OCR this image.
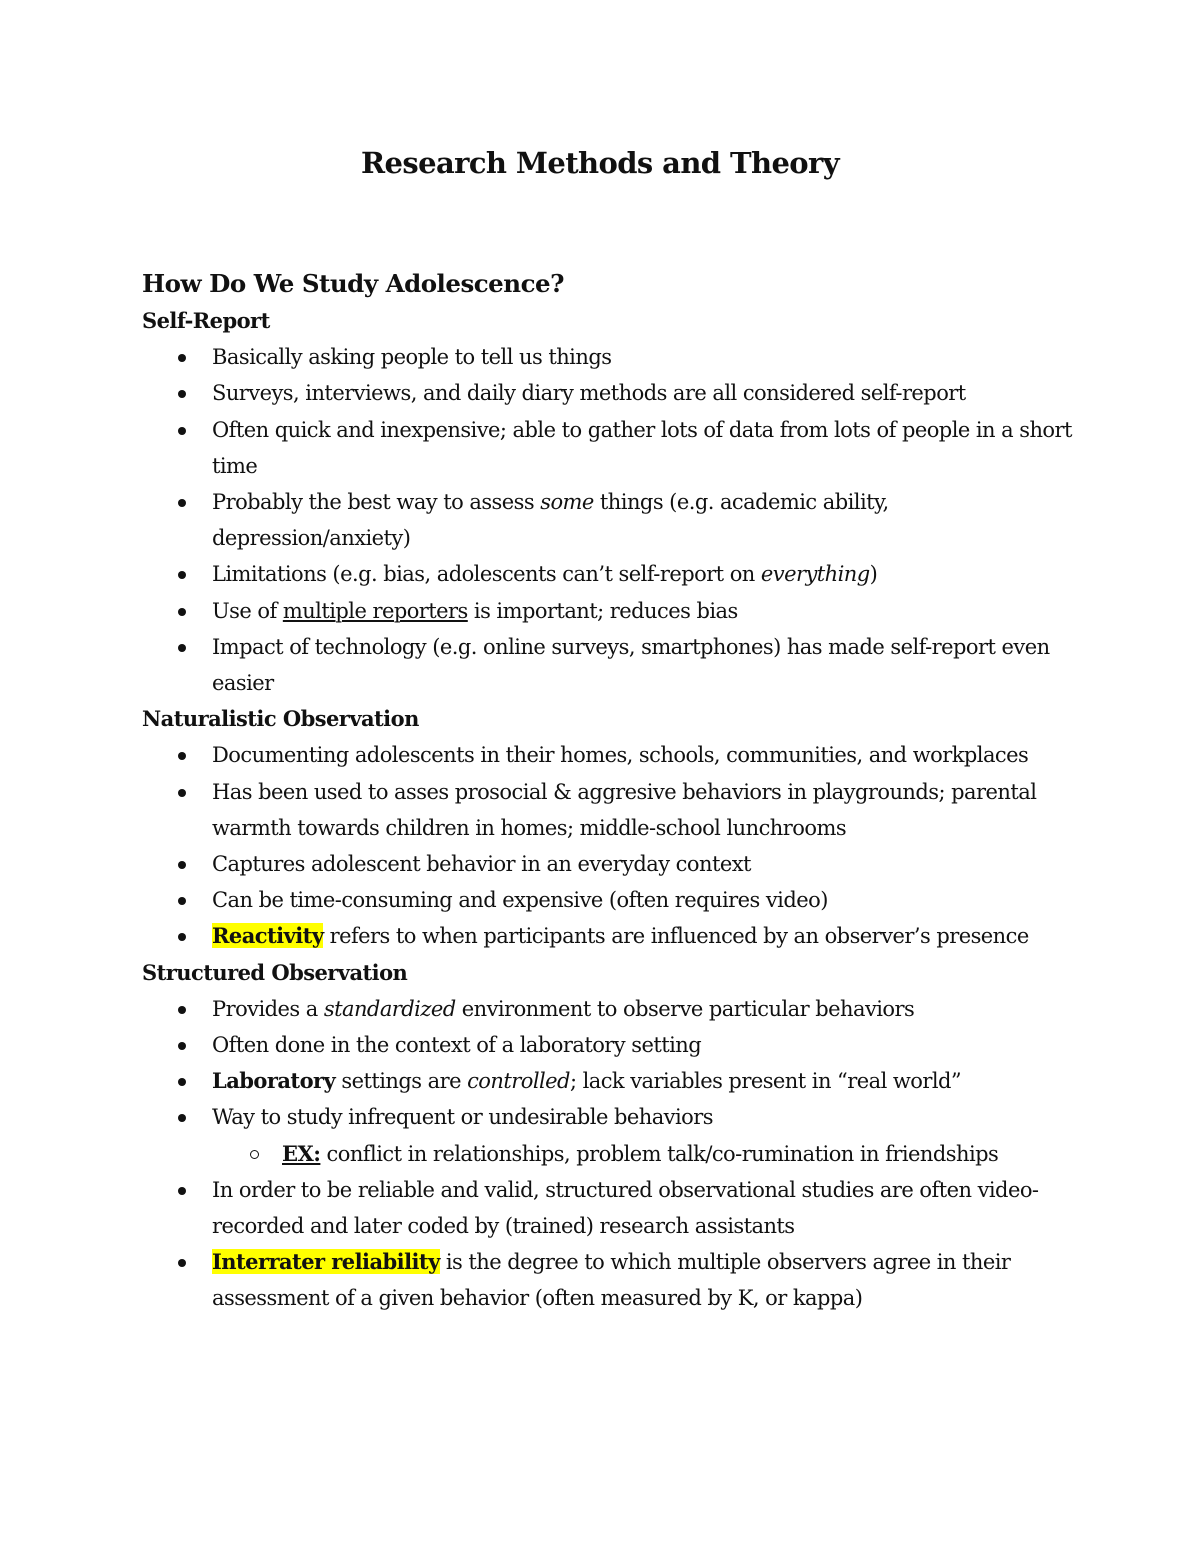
Research Methods and Theory
How Do We Study Adolescence?
Self-Report
Basically asking people to tell us things
Surveys, interviews, and daily diary methods are all considered self-report
Often quick and inexpensive; able to gather lots of data from lots of people in a short time
Probably the best way to assess some things (e.g. academic ability, depression/anxiety)
Limitations (e.g. bias, adolescents can’t self-report on everything)
Use of multiple reporters is important; reduces bias
Impact of technology (e.g. online surveys, smartphones) has made self-report even easier
Naturalistic Observation
Documenting adolescents in their homes, schools, communities, and workplaces
Has been used to asses prosocial & aggresive behaviors in playgrounds; parental warmth towards children in homes; middle-school lunchrooms
Captures adolescent behavior in an everyday context
Can be time-consuming and expensive (often requires video)
Reactivity refers to when participants are influenced by an observer’s presence
Structured Observation
Provides a standardized environment to observe particular behaviors
Often done in the context of a laboratory setting
Laboratory settings are controlled; lack variables present in “real world”
Way to study infrequent or undesirable behaviors
EX: conflict in relationships, problem talk/co-rumination in friendships
In order to be reliable and valid, structured observational studies are often video-recorded and later coded by (trained) research assistants
Interrater reliability is the degree to which multiple observers agree in their assessment of a given behavior (often measured by K, or kappa)
